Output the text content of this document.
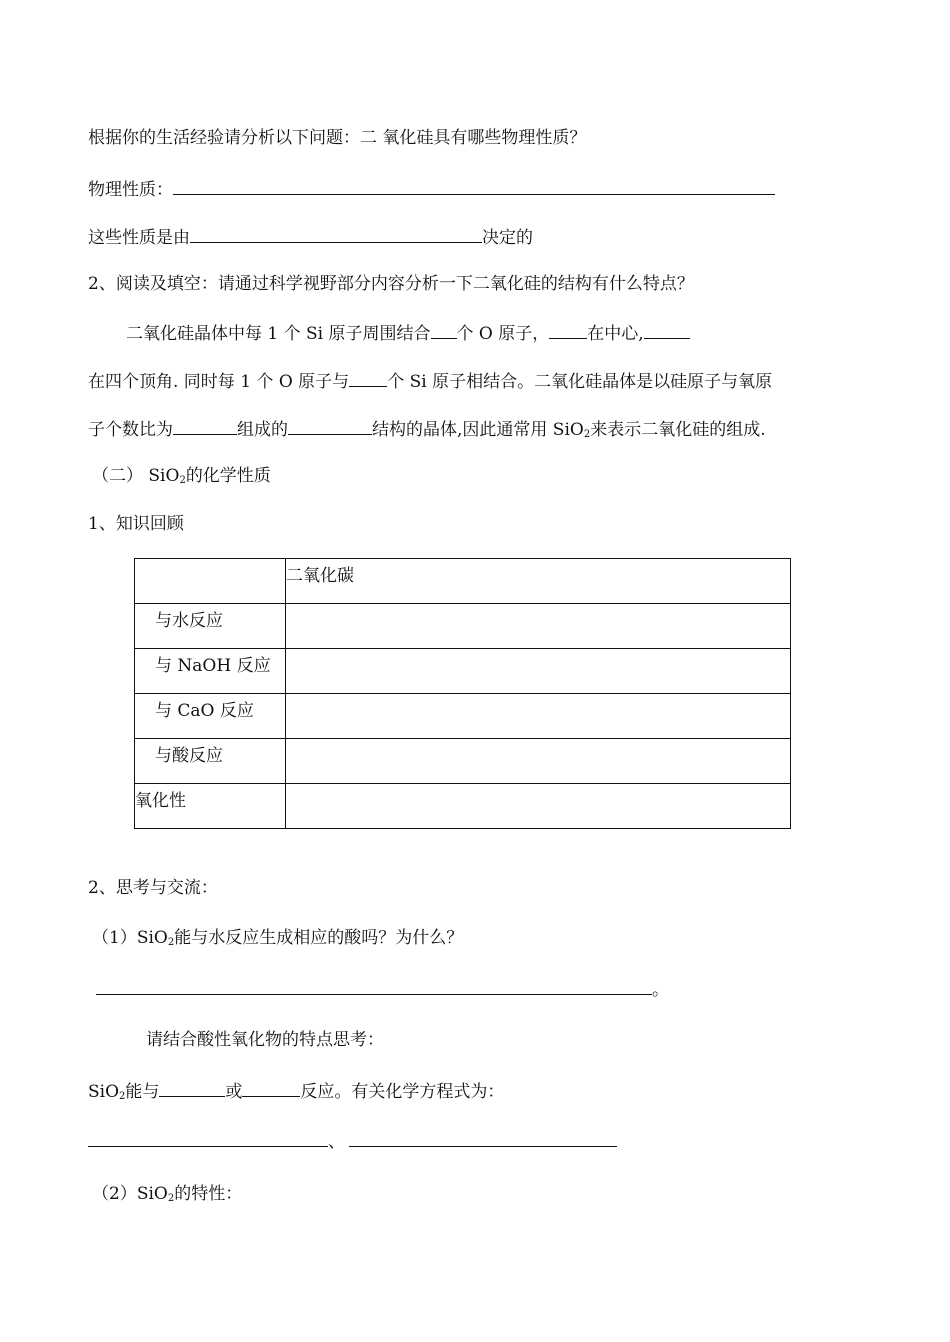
根据你的生活经验请分析以下问题：二 氧化硅具有哪些物理性质？
物理性质：
这些性质是由	决定的
2、阅读及填空：请通过科学视野部分内容分析一下二氧化硅的结构有什么特点？
二氧化硅晶体中每 1 个 Si 原子周围结合 个 O 原子， 在中心,
在四个顶角. 同时每 1 个 O 原子与 个 Si 原子相结合。二氧化硅晶体是以硅原子与氧原
子个数比为	组成的	结构的晶体,因此通常用 SiO$_2$来表示二氧化硅的组成.
（二） SiO$_2$的化学性质
1、知识回顾

	二氧化碳

与水反应	

与 NaOH 反应	

与 CaO 反应	

与酸反应	

氧化性	

2、思考与交流：
（1）SiO$_2$能与水反应生成相应的酸吗？为什么？
。
请结合酸性氧化物的特点思考：
SiO$_2$能与	或	反应。有关化学方程式为：
、
（2）SiO$_2$的特性：
